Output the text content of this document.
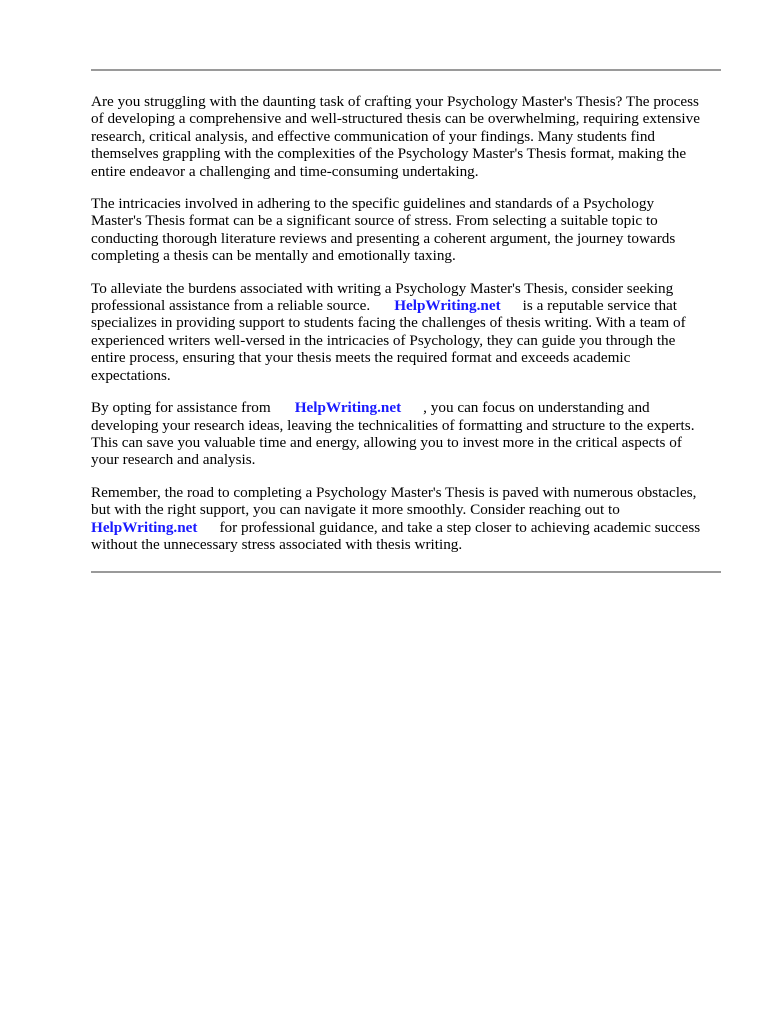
Are you struggling with the daunting task of crafting your Psychology Master's Thesis? The process
of developing a comprehensive and well-structured thesis can be overwhelming, requiring extensive
research, critical analysis, and effective communication of your findings. Many students find
themselves grappling with the complexities of the Psychology Master's Thesis format, making the
entire endeavor a challenging and time-consuming undertaking.

The intricacies involved in adhering to the specific guidelines and standards of a Psychology
Master's Thesis format can be a significant source of stress. From selecting a suitable topic to
conducting thorough literature reviews and presenting a coherent argument, the journey towards
completing a thesis can be mentally and emotionally taxing.

To alleviate the burdens associated with writing a Psychology Master's Thesis, consider seeking
professional assistance from a reliable source. HelpWriting.net is a reputable service that
specializes in providing support to students facing the challenges of thesis writing. With a team of
experienced writers well-versed in the intricacies of Psychology, they can guide you through the
entire process, ensuring that your thesis meets the required format and exceeds academic
expectations.

By opting for assistance from HelpWriting.net , you can focus on understanding and
developing your research ideas, leaving the technicalities of formatting and structure to the experts.
This can save you valuable time and energy, allowing you to invest more in the critical aspects of
your research and analysis.

Remember, the road to completing a Psychology Master's Thesis is paved with numerous obstacles,
but with the right support, you can navigate it more smoothly. Consider reaching out to
HelpWriting.net for professional guidance, and take a step closer to achieving academic success
without the unnecessary stress associated with thesis writing.
